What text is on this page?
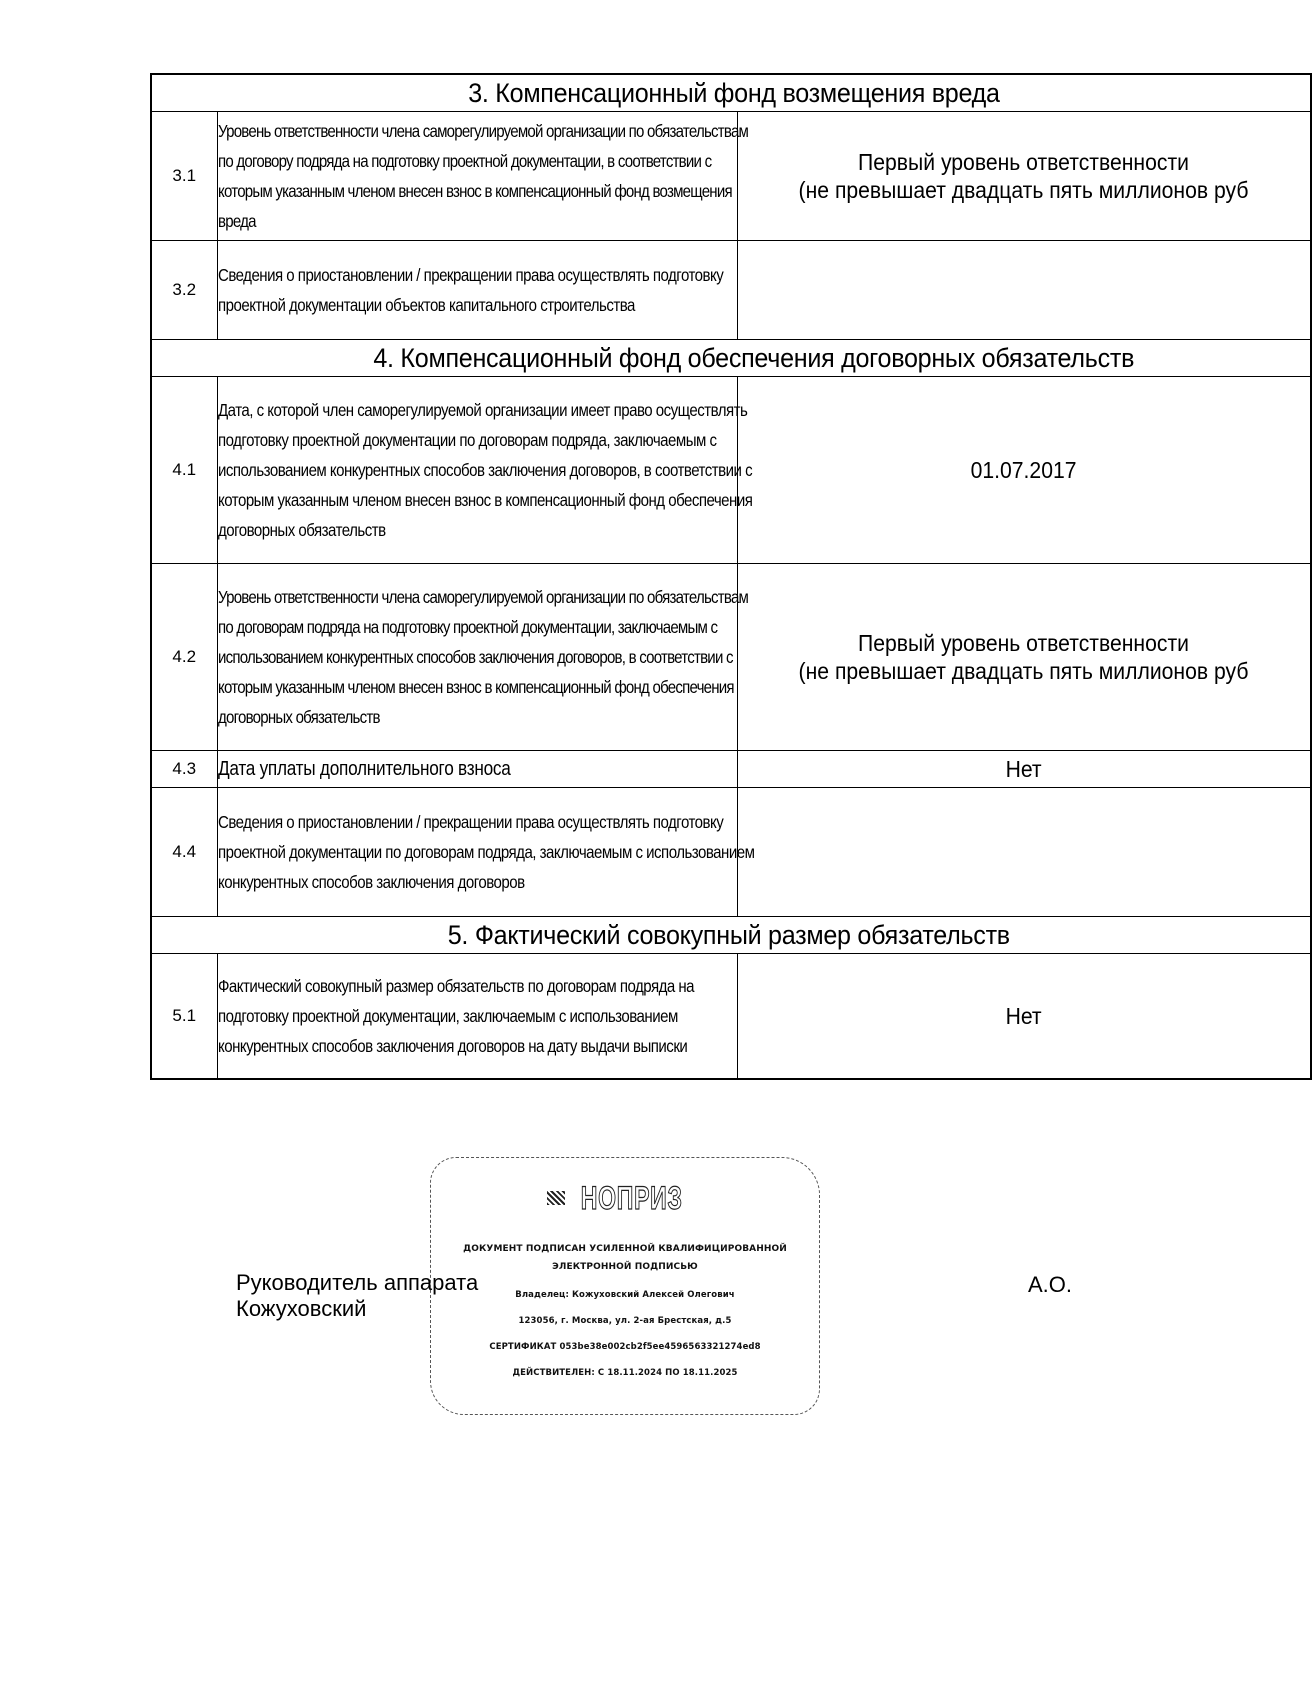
3. Компенсационный фонд возмещения вреда		

3.1	Уровень ответственности члена саморегулируемой организации по обязательствам по договору подряда на подготовку проектной документации, в соответствии с которым указанным членом внесен взнос в компенсационный фонд возмещения вреда	Первый уровень ответственности
(не превышает двадцать пять миллионов руб
3.2	Сведения о приостановлении / прекращении права осуществлять подготовку проектной документации объектов капитального строительства	

4. Компенсационный фонд обеспечения договорных обязательств		

4.1	Дата, с которой член саморегулируемой организации имеет право осуществлять подготовку проектной документации по договорам подряда, заключаемым с использованием конкурентных способов заключения договоров, в соответствии с которым указанным членом внесен взнос в компенсационный фонд обеспечения договорных обязательств	01.07.2017
4.2	Уровень ответственности члена саморегулируемой организации по обязательствам по договорам подряда на подготовку проектной документации, заключаемым с использованием конкурентных способов заключения договоров, в соответствии с которым указанным членом внесен взнос в компенсационный фонд обеспечения договорных обязательств	Первый уровень ответственности
(не превышает двадцать пять миллионов руб
4.3	Дата уплаты дополнительного взноса	Нет
4.4	Сведения о приостановлении / прекращении права осуществлять подготовку проектной документации по договорам подряда, заключаемым с использованием конкурентных способов заключения договоров	

5. Фактический совокупный размер обязательств		

5.1	Фактический совокупный размер обязательств по договорам подряда на подготовку проектной документации, заключаемым с использованием конкурентных способов заключения договоров на дату выдачи выписки	Нет
Руководитель аппарата
Кожуховский
А.О.
НОПРИЗ
ДОКУМЕНТ ПОДПИСАН УСИЛЕННОЙ КВАЛИФИЦИРОВАННОЙ
ЭЛЕКТРОННОЙ ПОДПИСЬЮ
Владелец: Кожуховский Алексей Олегович
123056, г. Москва, ул. 2-ая Брестская, д.5
СЕРТИФИКАТ 053be38e002cb2f5ee4596563321274ed8
ДЕЙСТВИТЕЛЕН: С 18.11.2024 ПО 18.11.2025
